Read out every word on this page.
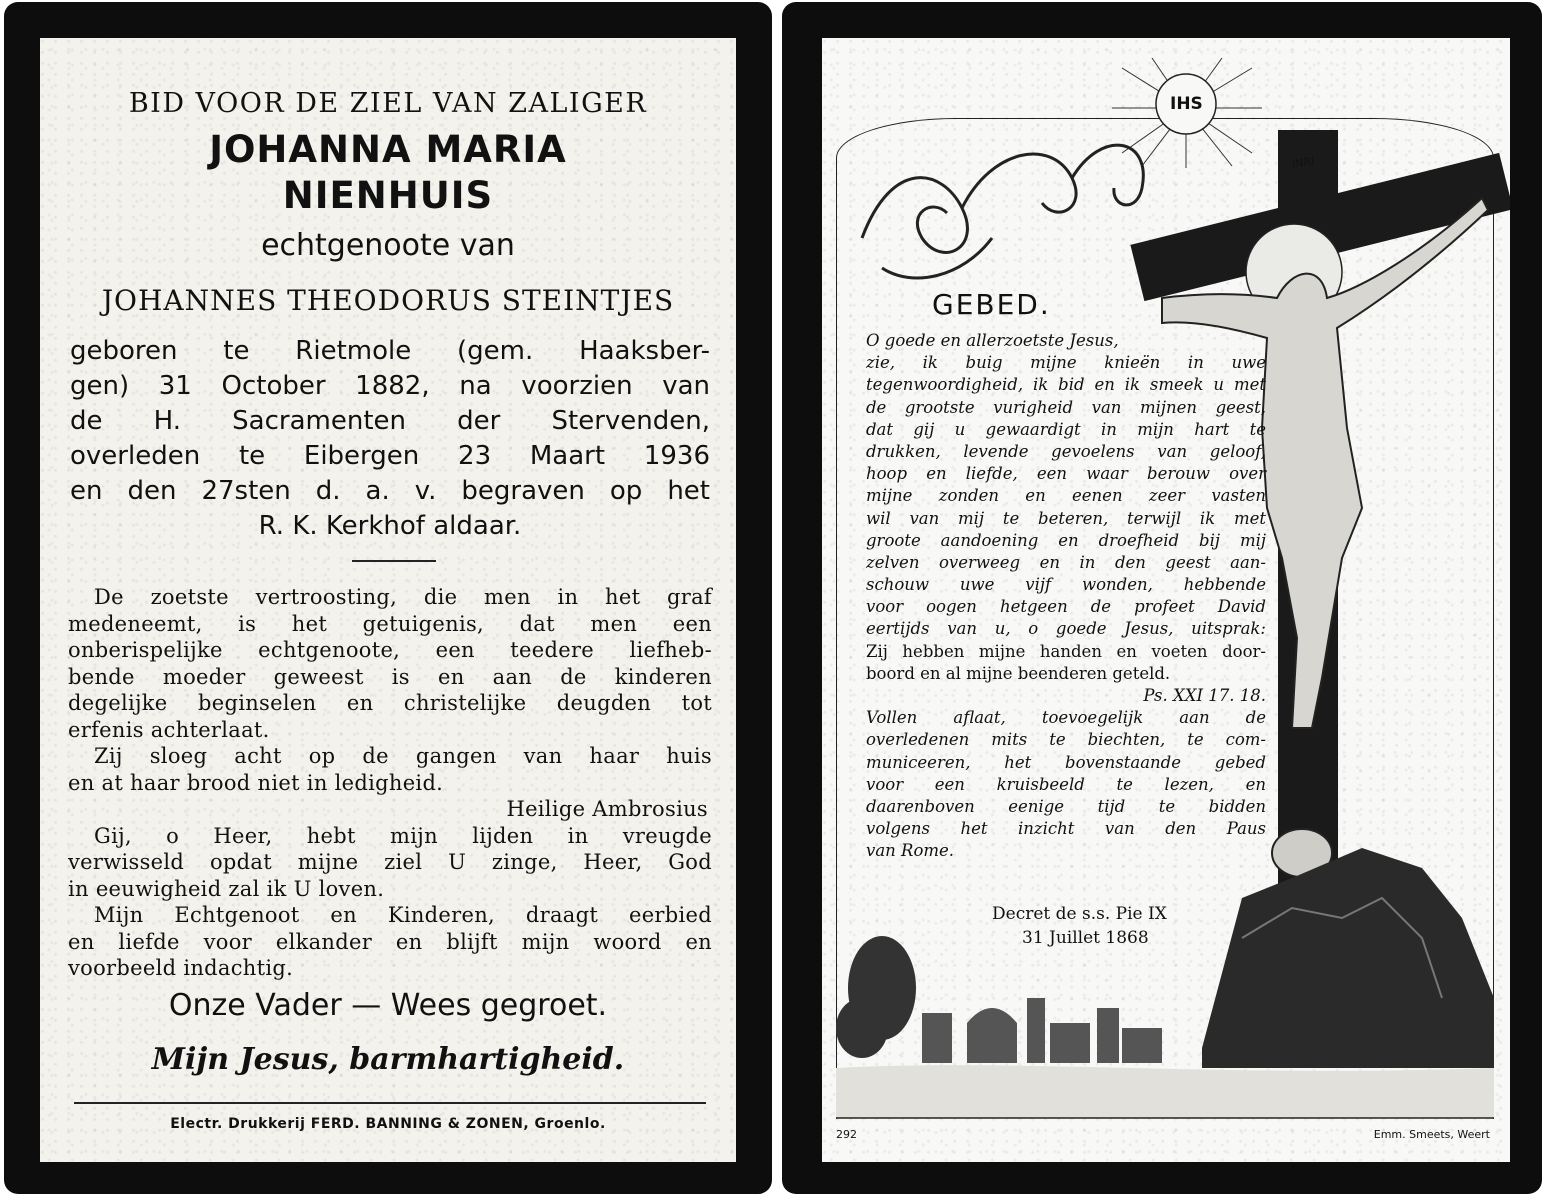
BID VOOR DE ZIEL VAN ZALIGER
JOHANNA MARIA
NIENHUIS
echtgenoote van
JOHANNES THEODORUS STEINTJES
geboren te Rietmole (gem. Haaksber-
gen) 31 October 1882, na voorzien van
de H. Sacramenten der Stervenden,
overleden te Eibergen 23 Maart 1936
en den 27sten d. a. v. begraven op het
R. K. Kerkhof aldaar.
De zoetste vertroosting, die men in het graf
medeneemt, is het getuigenis, dat men een
onberispelijke echtgenoote, een teedere liefheb-
bende moeder geweest is en aan de kinderen
degelijke beginselen en christelijke deugden tot
erfenis achterlaat.
Zij sloeg acht op de gangen van haar huis
en at haar brood niet in ledigheid.
Heilige Ambrosius
Gij, o Heer, hebt mijn lijden in vreugde
verwisseld opdat mijne ziel U zinge, Heer, God
in eeuwigheid zal ik U loven.
Mijn Echtgenoot en Kinderen, draagt eerbied
en liefde voor elkander en blijft mijn woord en
voorbeeld indachtig.
Onze Vader — Wees gegroet.
Mijn Jesus, barmhartigheid.
Electr. Drukkerij FERD. BANNING & ZONEN, Groenlo.
IHS
INRI
GEBED.
O goede en allerzoetste Jesus,
zie, ik buig mijne knieën in uwe
tegenwoordigheid, ik bid en ik smeek u met
de grootste vurigheid van mijnen geest,
dat gij u gewaardigt in mijn hart te
drukken, levende gevoelens van geloof,
hoop en liefde, een waar berouw over
mijne zonden en eenen zeer vasten
wil van mij te beteren, terwijl ik met
groote aandoening en droefheid bij mij
zelven overweeg en in den geest aan-
schouw uwe vijf wonden, hebbende
voor oogen hetgeen de profeet David
eertijds van u, o goede Jesus, uitsprak:
Zij hebben mijne handen en voeten door-
boord en al mijne beenderen geteld.
Ps. XXI 17. 18.
Vollen aflaat, toevoegelijk aan de
overledenen mits te biechten, te com-
municeeren, het bovenstaande gebed
voor een kruisbeeld te lezen, en
daarenboven eenige tijd te bidden
volgens het inzicht van den Paus
van Rome.
Decret de s.s. Pie IX
31 Juillet 1868
292	Emm. Smeets, Weert
